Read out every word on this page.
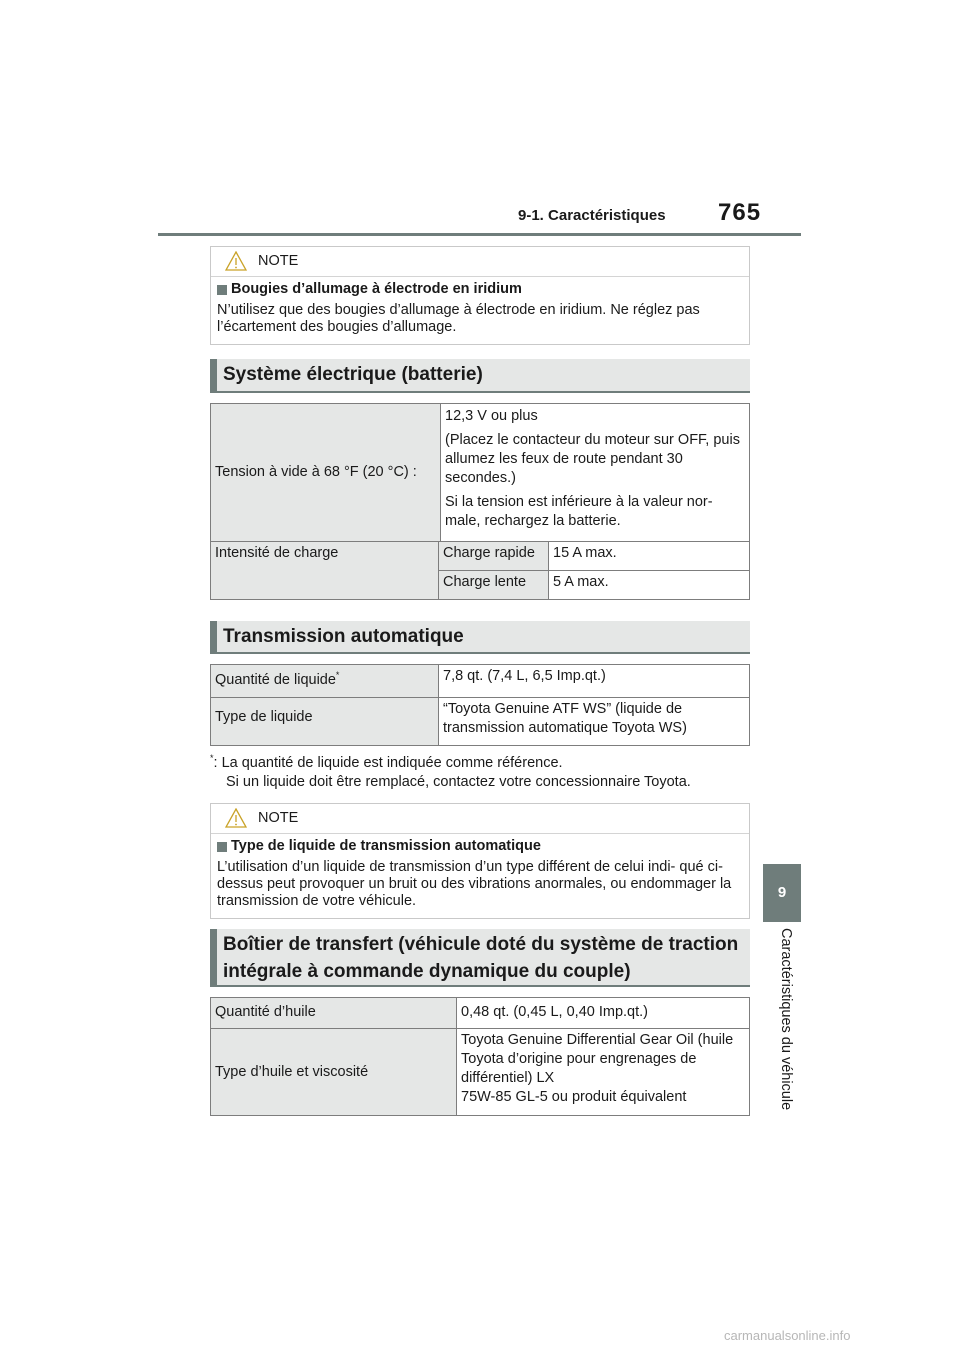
9-1. Caractéristiques 765
9
Caractéristiques du véhicule
NOTE
Bougies d’allumage à électrode en iridium
N’utilisez que des bougies d’allumage à électrode en iridium. Ne réglez pas l’écartement des bougies d’allumage.
Système électrique (batterie)
Tension à vide à 68 °F (20 °C) :		12,3 V ou plus
(Placez le contacteur du moteur sur OFF, puis allumez les feux de route pendant 30 secondes.)
Si la tension est inférieure à la valeur nor- male, rechargez la batterie.	

Intensité de charge	Charge rapide		15 A max.
	Charge lente		5 A max.
Transmission automatique
Quantité de liquide*	7,8 qt. (7,4 L, 6,5 Imp.qt.)
Type de liquide	“Toyota Genuine ATF WS” (liquide de transmission automatique Toyota WS)
*: La quantité de liquide est indiquée comme référence.
Si un liquide doit être remplacé, contactez votre concessionnaire Toyota.
NOTE
Type de liquide de transmission automatique
L’utilisation d’un liquide de transmission d’un type différent de celui indi- qué ci-dessus peut provoquer un bruit ou des vibrations anormales, ou endommager la transmission de votre véhicule.
Boîtier de transfert (véhicule doté du système de traction
intégrale à commande dynamique du couple)
Quantité d’huile	0,48 qt. (0,45 L, 0,40 Imp.qt.)
Type d’huile et viscosité	Toyota Genuine Differential Gear Oil (huile Toyota d’origine pour engrenages de différentiel) LX
75W-85 GL-5 ou produit équivalent
carmanualsonline.info
